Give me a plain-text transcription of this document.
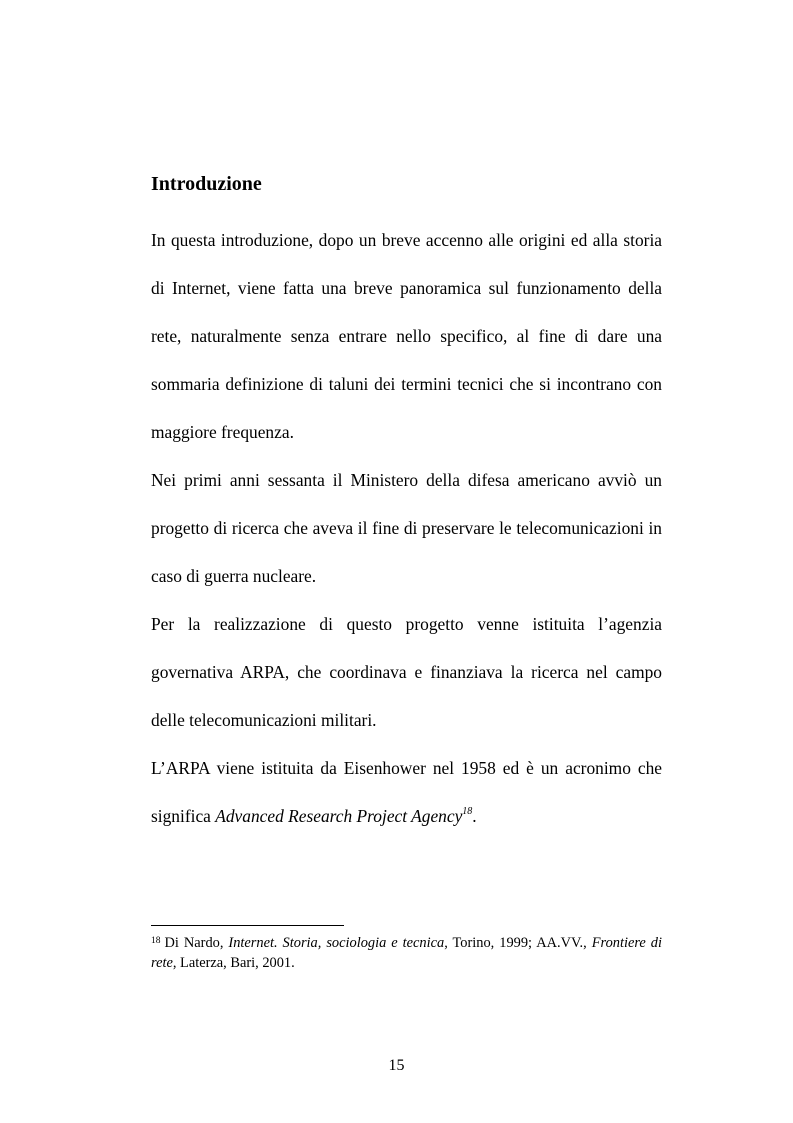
Introduzione

In questa introduzione, dopo un breve accenno alle origini ed alla storia di Internet, viene fatta una breve panoramica sul funzionamento della rete, naturalmente senza entrare nello specifico, al fine di dare una sommaria definizione di taluni dei termini tecnici che si incontrano con maggiore frequenza.

Nei primi anni sessanta il Ministero della difesa americano avviò un progetto di ricerca che aveva il fine di preservare le telecomunicazioni in caso di guerra nucleare.

Per la realizzazione di questo progetto venne istituita l’agenzia governativa ARPA, che coordinava e finanziava la ricerca nel campo delle telecomunicazioni militari.

L’ARPA viene istituita da Eisenhower nel 1958 ed è un acronimo che significa Advanced Research Project Agency$^{18}$.

$^{18}$ Di Nardo, Internet. Storia, sociologia e tecnica, Torino, 1999; AA.VV., Frontiere di rete, Laterza, Bari, 2001.

15
